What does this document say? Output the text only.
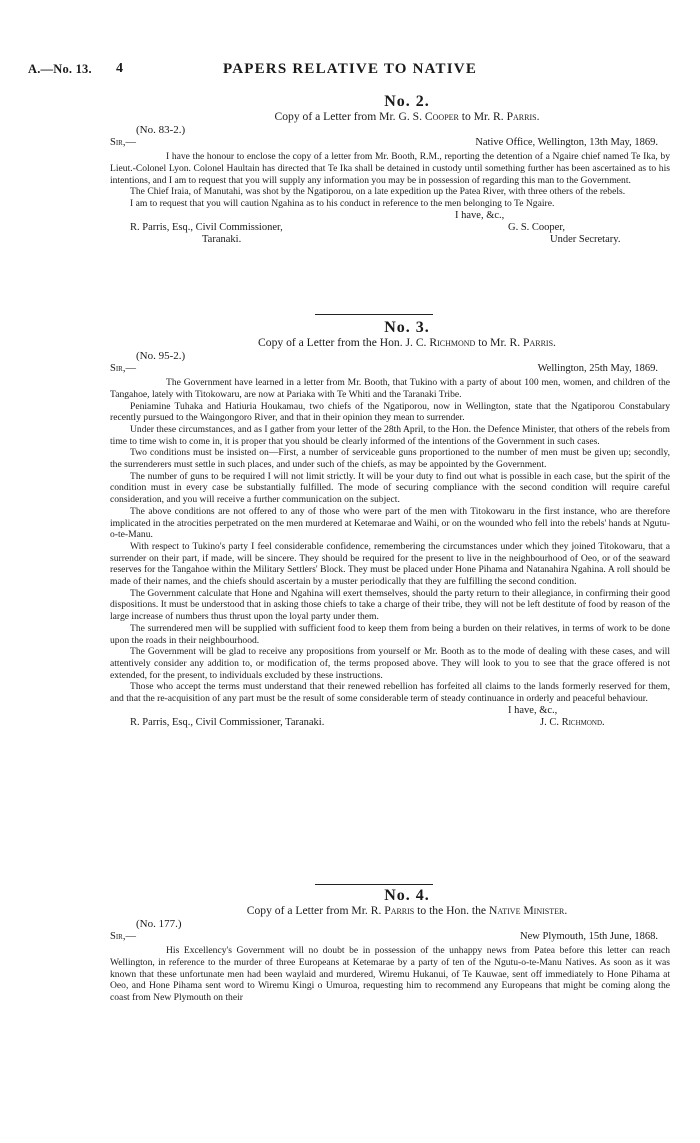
A.—No. 13. 4	PAPERS RELATIVE TO NATIVE
No. 2.
Copy of a Letter from Mr. G. S. Cooper to Mr. R. Parris.
(No. 83-2.)
Sir,—	Native Office, Wellington, 13th May, 1869.

I have the honour to enclose the copy of a letter from Mr. Booth, R.M., reporting the detention of a Ngaire chief named Te Ika, by Lieut.-Colonel Lyon. Colonel Haultain has directed that Te Ika shall be detained in custody until something further has been ascertained as to his intentions, and I am to request that you will supply any information you may be in possession of regarding this man to the Government.

The Chief Iraia, of Manutahi, was shot by the Ngatiporou, on a late expedition up the Patea River, with three others of the rebels.

I am to request that you will caution Ngahina as to his conduct in reference to the men belonging to Te Ngaire.

I have, &c.,
R. Parris, Esq., Civil Commissioner,	G. S. Cooper,
Taranaki.	Under Secretary.
No. 3.
Copy of a Letter from the Hon. J. C. Richmond to Mr. R. Parris.
(No. 95-2.)
Sir,—	Wellington, 25th May, 1869.

The Government have learned in a letter from Mr. Booth, that Tukino with a party of about 100 men, women, and children of the Tangahoe, lately with Titokowaru, are now at Pariaka with Te Whiti and the Taranaki Tribe.

Peniamine Tuhaka and Hatiuria Houkamau, two chiefs of the Ngatiporou, now in Wellington, state that the Ngatiporou Constabulary recently pursued to the Waingongoro River, and that in their opinion they mean to surrender.

Under these circumstances, and as I gather from your letter of the 28th April, to the Hon. the Defence Minister, that others of the rebels from time to time wish to come in, it is proper that you should be clearly informed of the intentions of the Government in such cases.

Two conditions must be insisted on—First, a number of serviceable guns proportioned to the number of men must be given up; secondly, the surrenderers must settle in such places, and under such of the chiefs, as may be appointed by the Government.

The number of guns to be required I will not limit strictly. It will be your duty to find out what is possible in each case, but the spirit of the condition must in every case be substantially fulfilled. The mode of securing compliance with the second condition will require careful consideration, and you will receive a further communication on the subject.

The above conditions are not offered to any of those who were part of the men with Titokowaru in the first instance, who are therefore implicated in the atrocities perpetrated on the men murdered at Ketemarae and Waihi, or on the wounded who fell into the rebels' hands at Ngutu-o-te-Manu.

With respect to Tukino's party I feel considerable confidence, remembering the circumstances under which they joined Titokowaru, that a surrender on their part, if made, will be sincere. They should be required for the present to live in the neighbourhood of Oeo, or of the seaward reserves for the Tangahoe within the Military Settlers' Block. They must be placed under Hone Pihama and Natanahira Ngahina. A roll should be made of their names, and the chiefs should ascertain by a muster periodically that they are fulfilling the second condition.

The Government calculate that Hone and Ngahina will exert themselves, should the party return to their allegiance, in confirming their good dispositions. It must be understood that in asking those chiefs to take a charge of their tribe, they will not be left destitute of food by reason of the large increase of numbers thus thrust upon the loyal party under them.

The surrendered men will be supplied with sufficient food to keep them from being a burden on their relatives, in terms of work to be done upon the roads in their neighbourhood.

The Government will be glad to receive any propositions from yourself or Mr. Booth as to the mode of dealing with these cases, and will attentively consider any addition to, or modification of, the terms proposed above. They will look to you to see that the grace offered is not extended, for the present, to individuals excluded by these instructions.

Those who accept the terms must understand that their renewed rebellion has forfeited all claims to the lands formerly reserved for them, and that the re-acquisition of any part must be the result of some considerable term of steady continuance in orderly and peaceful behaviour.

I have, &c.,
R. Parris, Esq., Civil Commissioner, Taranaki.	J. C. Richmond.
No. 4.
Copy of a Letter from Mr. R. Parris to the Hon. the Native Minister.
(No. 177.)
Sir,—	New Plymouth, 15th June, 1868.

His Excellency's Government will no doubt be in possession of the unhappy news from Patea before this letter can reach Wellington, in reference to the murder of three Europeans at Ketemarae by a party of ten of the Ngutu-o-te-Manu Natives. As soon as it was known that these unfortunate men had been waylaid and murdered, Wiremu Hukanui, of Te Kauwae, sent off immediately to Hone Pihama at Oeo, and Hone Pihama sent word to Wiremu Kingi o Umuroa, requesting him to recommend any Europeans that might be coming along the coast from New Plymouth on their
